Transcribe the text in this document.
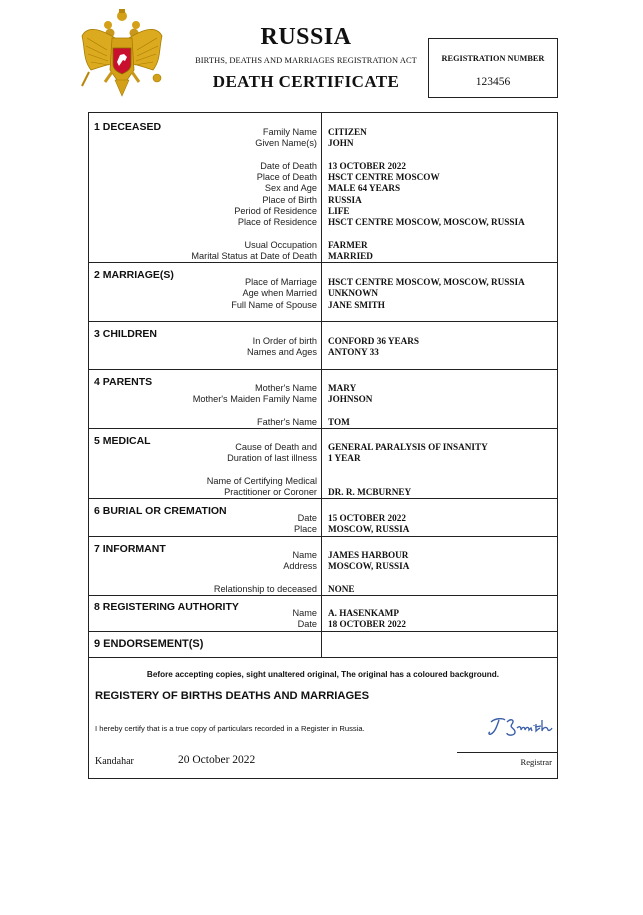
RUSSIA
BIRTHS, DEATHS AND MARRIAGES REGISTRATION ACT
DEATH CERTIFICATE
REGISTRATION NUMBER
123456
1 DECEASED	Family Name CITIZEN
Given Name(s) JOHN
Date of Death 13 OCTOBER 2022
Place of Death HSCT CENTRE MOSCOW
Sex and Age MALE 64 YEARS
Place of Birth RUSSIA
Period of Residence LIFE
Place of Residence HSCT CENTRE MOSCOW, MOSCOW, RUSSIA
Usual Occupation FARMER
Marital Status at Date of Death MARRIED
2 MARRIAGE(S)
Place of Marriage HSCT CENTRE MOSCOW, MOSCOW, RUSSIA
Age when Married UNKNOWN
Full Name of Spouse JANE SMITH
3 CHILDREN
In Order of birth CONFORD 36 YEARS
Names and Ages ANTONY 33
4 PARENTS	Mother's Name MARY
Mother's Maiden Family Name JOHNSON
Father's Name TOM
5 MEDICAL	Cause of Death and GENERAL PARALYSIS OF INSANITY
Duration of last illness 1 YEAR
Name of Certifying Medical
Practitioner or Coroner DR. R. MCBURNEY
6 BURIAL OR CREMATION
Date 15 OCTOBER 2022
Place MOSCOW, RUSSIA
7 INFORMANT	Name JAMES HARBOUR
Address MOSCOW, RUSSIA
Relationship to deceased NONE
8 REGISTERING AUTHORITY	Name A. HASENKAMP
Date 18 OCTOBER 2022
9 ENDORSEMENT(S)
Before accepting copies, sight unaltered original, The original has a coloured background.
REGISTERY OF BIRTHS DEATHS AND MARRIAGES
I hereby certify that is a true copy of particulars recorded in a Register in Russia.
Kandahar	20 October 2022	Registrar
